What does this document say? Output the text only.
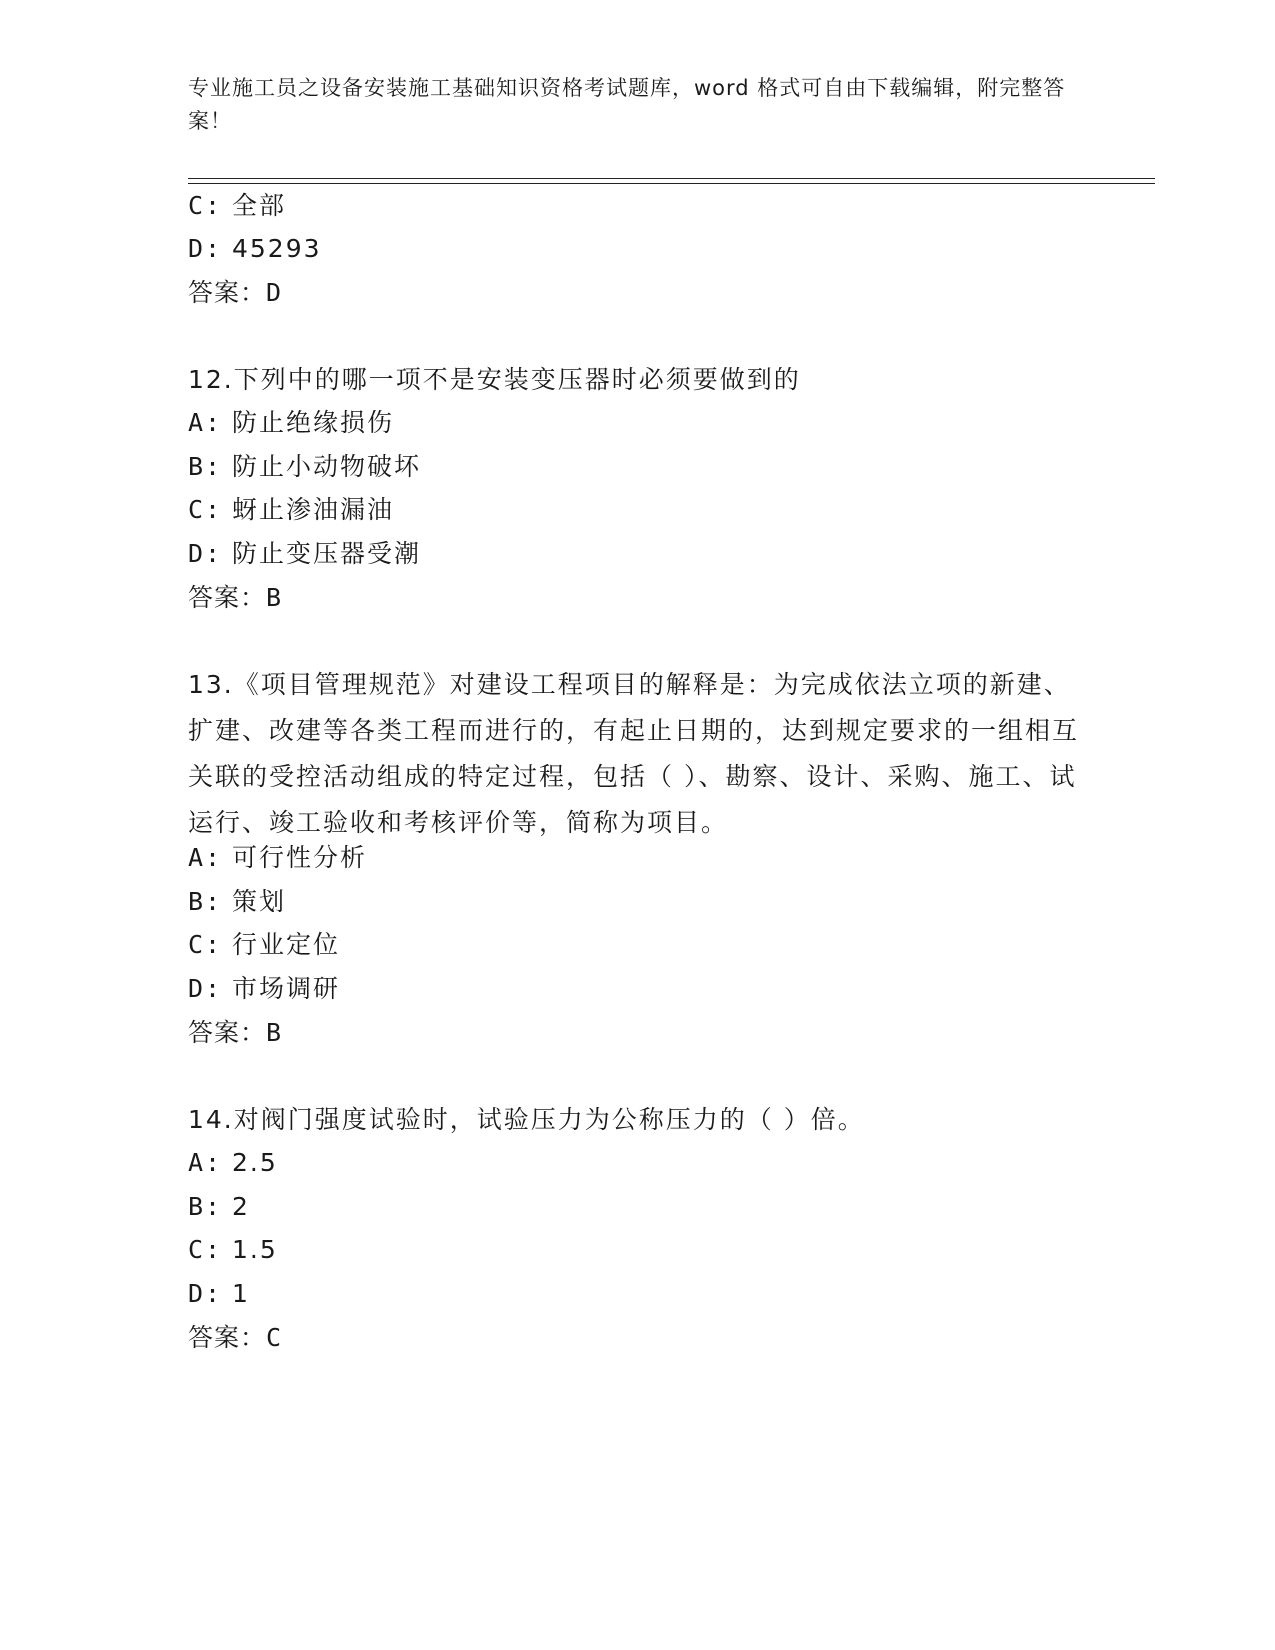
专业施工员之设备安装施工基础知识资格考试题库，word 格式可自由下载编辑，附完整答案！
C: 全部
D: 45293
答案：D
12.下列中的哪一项不是安装变压器时必须要做到的
A: 防止绝缘损伤
B: 防止小动物破坏
C: 蚜止渗油漏油
D: 防止变压器受潮
答案：B
13.《项目管理规范》对建设工程项目的解释是：为完成依法立项的新建、扩建、改建等各类工程而进行的，有起止日期的，达到规定要求的一组相互关联的受控活动组成的特定过程，包括（ ）、勘察、设计、采购、施工、试运行、竣工验收和考核评价等，简称为项目。
A: 可行性分析
B: 策划
C: 行业定位
D: 市场调研
答案：B
14.对阀门强度试验时，试验压力为公称压力的（ ）倍。
A: 2.5
B: 2
C: 1.5
D: 1
答案：C
